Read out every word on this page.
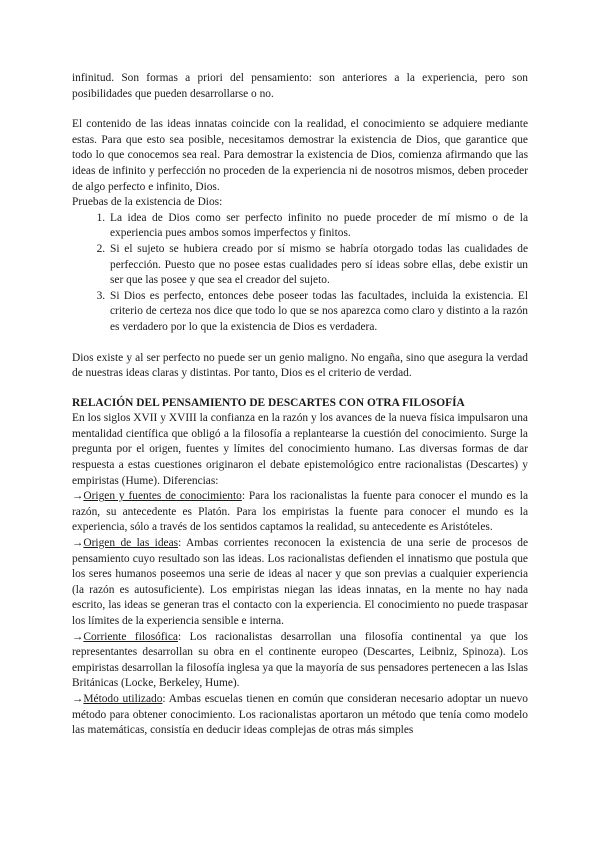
infinitud. Son formas a priori del pensamiento: son anteriores a la experiencia, pero son posibilidades que pueden desarrollarse o no.

El contenido de las ideas innatas coincide con la realidad, el conocimiento se adquiere mediante estas. Para que esto sea posible, necesitamos demostrar la existencia de Dios, que garantice que todo lo que conocemos sea real. Para demostrar la existencia de Dios, comienza afirmando que las ideas de infinito y perfección no proceden de la experiencia ni de nosotros mismos, deben proceder de algo perfecto e infinito, Dios.

Pruebas de la existencia de Dios:

1. La idea de Dios como ser perfecto infinito no puede proceder de mí mismo o de la experiencia pues ambos somos imperfectos y finitos.
2. Si el sujeto se hubiera creado por sí mismo se habría otorgado todas las cualidades de perfección. Puesto que no posee estas cualidades pero sí ideas sobre ellas, debe existir un ser que las posee y que sea el creador del sujeto.
3. Si Dios es perfecto, entonces debe poseer todas las facultades, incluida la existencia. El criterio de certeza nos dice que todo lo que se nos aparezca como claro y distinto a la razón es verdadero por lo que la existencia de Dios es verdadera.

Dios existe y al ser perfecto no puede ser un genio maligno. No engaña, sino que asegura la verdad de nuestras ideas claras y distintas. Por tanto, Dios es el criterio de verdad.

RELACIÓN DEL PENSAMIENTO DE DESCARTES CON OTRA FILOSOFÍA

En los siglos XVII y XVIII la confianza en la razón y los avances de la nueva física impulsaron una mentalidad científica que obligó a la filosofía a replantearse la cuestión del conocimiento. Surge la pregunta por el origen, fuentes y límites del conocimiento humano. Las diversas formas de dar respuesta a estas cuestiones originaron el debate epistemológico entre racionalistas (Descartes) y empiristas (Hume). Diferencias:

→Origen y fuentes de conocimiento: Para los racionalistas la fuente para conocer el mundo es la razón, su antecedente es Platón. Para los empiristas la fuente para conocer el mundo es la experiencia, sólo a través de los sentidos captamos la realidad, su antecedente es Aristóteles.

→Origen de las ideas: Ambas corrientes reconocen la existencia de una serie de procesos de pensamiento cuyo resultado son las ideas. Los racionalistas defienden el innatismo que postula que los seres humanos poseemos una serie de ideas al nacer y que son previas a cualquier experiencia (la razón es autosuficiente). Los empiristas niegan las ideas innatas, en la mente no hay nada escrito, las ideas se generan tras el contacto con la experiencia. El conocimiento no puede traspasar los límites de la experiencia sensible e interna.

→Corriente filosófica: Los racionalistas desarrollan una filosofía continental ya que los representantes desarrollan su obra en el continente europeo (Descartes, Leibniz, Spinoza). Los empiristas desarrollan la filosofía inglesa ya que la mayoría de sus pensadores pertenecen a las Islas Británicas (Locke, Berkeley, Hume).

→Método utilizado: Ambas escuelas tienen en común que consideran necesario adoptar un nuevo método para obtener conocimiento. Los racionalistas aportaron un método que tenía como modelo las matemáticas, consistía en deducir ideas complejas de otras más simples
